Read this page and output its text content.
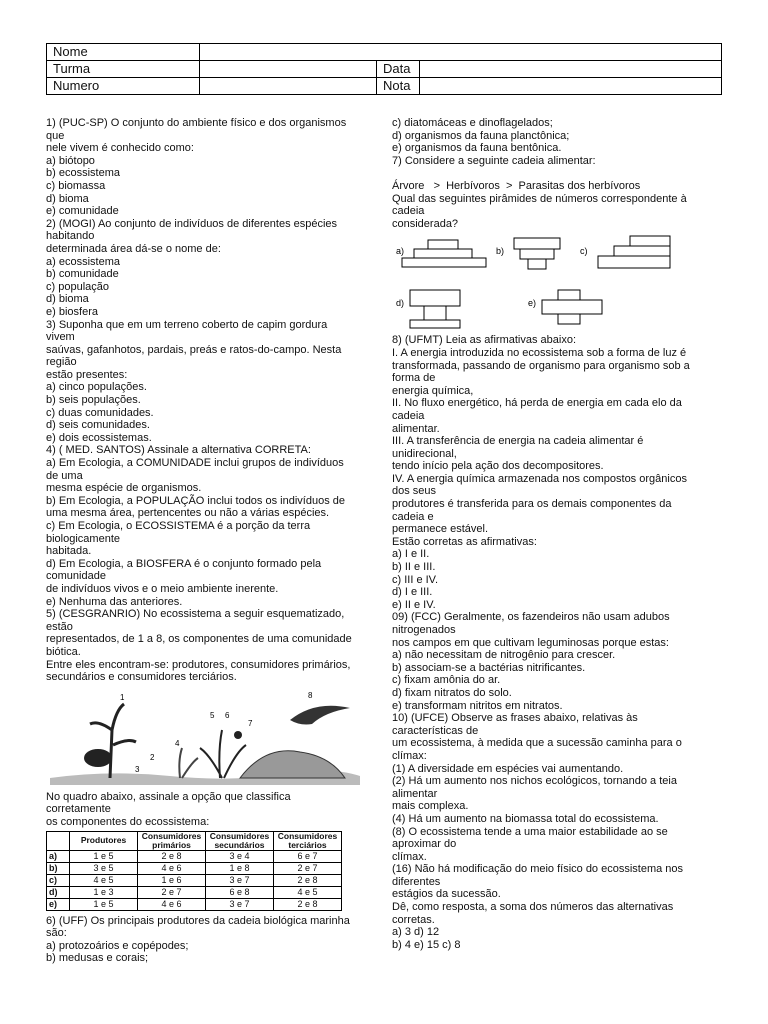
Nome			
Turma		Data	
Numero		Nota	
1) (PUC-SP) O conjunto do ambiente físico e dos organismos
que
nele vivem é conhecido como:
a) biótopo
b) ecossistema
c) biomassa
d) bioma
e) comunidade
2) (MOGI) Ao conjunto de indivíduos de diferentes espécies
habitando
determinada área dá-se o nome de:
a) ecossistema
b) comunidade
c) população
d) bioma
e) biosfera
3) Suponha que em um terreno coberto de capim gordura
vivem
saúvas, gafanhotos, pardais, preás e ratos-do-campo. Nesta
região
estão presentes:
a) cinco populações.
b) seis populações.
c) duas comunidades.
d) seis comunidades.
e) dois ecossistemas.
4) ( MED. SANTOS) Assinale a alternativa CORRETA:
a) Em Ecologia, a COMUNIDADE inclui grupos de indivíduos
de uma
mesma espécie de organismos.
b) Em Ecologia, a POPULAÇÃO inclui todos os indivíduos de
uma mesma área, pertencentes ou não a várias espécies.
c) Em Ecologia, o ECOSSISTEMA é a porção da terra
biologicamente
habitada.
d) Em Ecologia, a BIOSFERA é o conjunto formado pela
comunidade
de indivíduos vivos e o meio ambiente inerente.
e) Nenhuma das anteriores.
5) (CESGRANRIO) No ecossistema a seguir esquematizado,
estão
representados, de 1 a 8, os componentes de uma comunidade
biótica.
Entre eles encontram-se: produtores, consumidores primários,
secundários e consumidores terciários.
1
2
3
4
5 6
7
8
No quadro abaixo, assinale a opção que classifica
corretamente
os componentes do ecossistema:
	Produtores	Consumidores primários	Consumidores secundários	Consumidores terciários
a)	1 e 5	2 e 8	3 e 4	6 e 7
b)	3 e 5	4 e 6	1 e 8	2 e 7
c)	4 e 5	1 e 6	3 e 7	2 e 8
d)	1 e 3	2 e 7	6 e 8	4 e 5
e)	1 e 5	4 e 6	3 e 7	2 e 8
6) (UFF) Os principais produtores da cadeia biológica marinha
são:
a) protozoários e copépodes;
b) medusas e corais;
c) diatomáceas e dinoflagelados;
d) organismos da fauna planctônica;
e) organismos da fauna bentônica.
7) Considere a seguinte cadeia alimentar:
Árvore   >  Herbívoros  >  Parasitas dos herbívoros
Qual das seguintes pirâmides de números correspondente à
cadeia
considerada?
a)	b)	c)
d)	e)
8) (UFMT) Leia as afirmativas abaixo:
I. A energia introduzida no ecossistema sob a forma de luz é
transformada, passando de organismo para organismo sob a
forma de
energia química,
II. No fluxo energético, há perda de energia em cada elo da
cadeia
alimentar.
III. A transferência de energia na cadeia alimentar é
unidirecional,
tendo início pela ação dos decompositores.
IV. A energia química armazenada nos compostos orgânicos
dos seus
produtores é transferida para os demais componentes da
cadeia e
permanece estável.
Estão corretas as afirmativas:
a) I e II.
b) II e III.
c) III e IV.
d) I e III.
e) II e IV.
09) (FCC) Geralmente, os fazendeiros não usam adubos
nitrogenados
nos campos em que cultivam leguminosas porque estas:
a) não necessitam de nitrogênio para crescer.
b) associam-se a bactérias nitrificantes.
c) fixam amônia do ar.
d) fixam nitratos do solo.
e) transformam nitritos em nitratos.
10) (UFCE) Observe as frases abaixo, relativas às
características de
um ecossistema, à medida que a sucessão caminha para o
clímax:
(1) A diversidade em espécies vai aumentando.
(2) Há um aumento nos nichos ecológicos, tornando a teia
alimentar
mais complexa.
(4) Há um aumento na biomassa total do ecossistema.
(8) O ecossistema tende a uma maior estabilidade ao se
aproximar do
clímax.
(16) Não há modificação do meio físico do ecossistema nos
diferentes
estágios da sucessão.
Dê, como resposta, a soma dos números das alternativas
corretas.
a) 3 d) 12
b) 4 e) 15 c) 8
